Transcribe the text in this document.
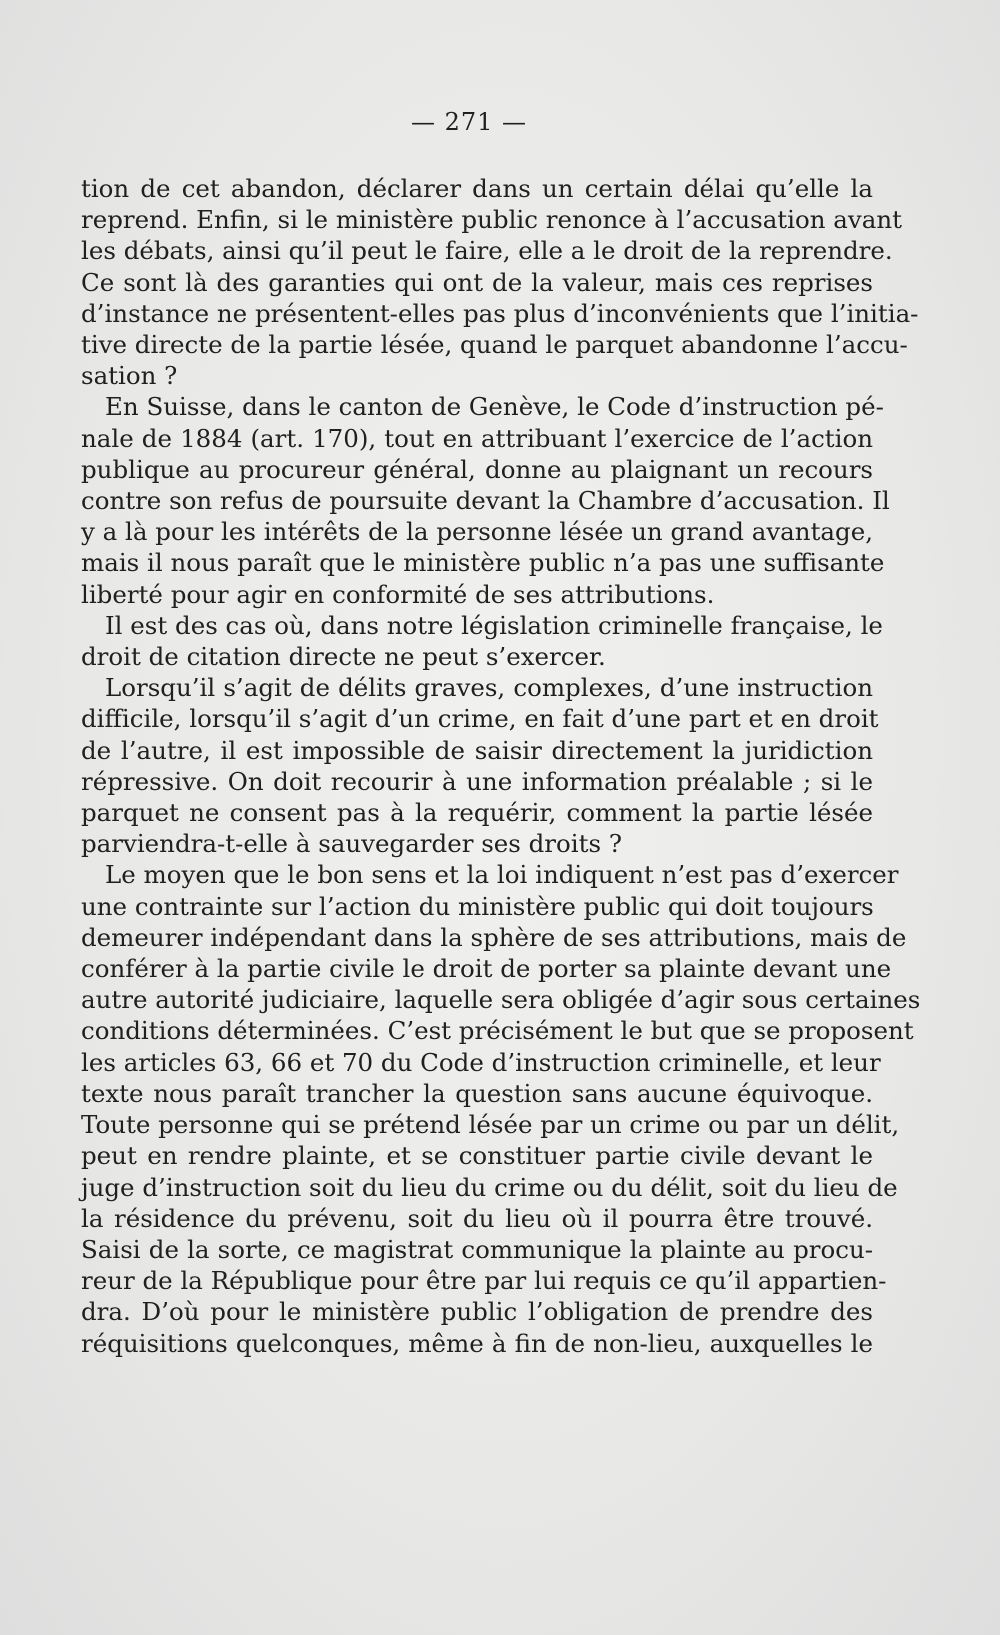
— 271 —
tion de cet abandon, déclarer dans un certain délai qu’elle la
reprend. Enfin, si le ministère public renonce à l’accusation avant
les débats, ainsi qu’il peut le faire, elle a le droit de la reprendre.
Ce sont là des garanties qui ont de la valeur, mais ces reprises
d’instance ne présentent-elles pas plus d’inconvénients que l’initia-
tive directe de la partie lésée, quand le parquet abandonne l’accu-
sation ?
En Suisse, dans le canton de Genève, le Code d’instruction pé-
nale de 1884 (art. 170), tout en attribuant l’exercice de l’action
publique au procureur général, donne au plaignant un recours
contre son refus de poursuite devant la Chambre d’accusation. Il
y a là pour les intérêts de la personne lésée un grand avantage,
mais il nous paraît que le ministère public n’a pas une suffisante
liberté pour agir en conformité de ses attributions.
Il est des cas où, dans notre législation criminelle française, le
droit de citation directe ne peut s’exercer.
Lorsqu’il s’agit de délits graves, complexes, d’une instruction
difficile, lorsqu’il s’agit d’un crime, en fait d’une part et en droit
de l’autre, il est impossible de saisir directement la juridiction
répressive. On doit recourir à une information préalable ; si le
parquet ne consent pas à la requérir, comment la partie lésée
parviendra-t-elle à sauvegarder ses droits ?
Le moyen que le bon sens et la loi indiquent n’est pas d’exercer
une contrainte sur l’action du ministère public qui doit toujours
demeurer indépendant dans la sphère de ses attributions, mais de
conférer à la partie civile le droit de porter sa plainte devant une
autre autorité judiciaire, laquelle sera obligée d’agir sous certaines
conditions déterminées. C’est précisément le but que se proposent
les articles 63, 66 et 70 du Code d’instruction criminelle, et leur
texte nous paraît trancher la question sans aucune équivoque.
Toute personne qui se prétend lésée par un crime ou par un délit,
peut en rendre plainte, et se constituer partie civile devant le
juge d’instruction soit du lieu du crime ou du délit, soit du lieu de
la résidence du prévenu, soit du lieu où il pourra être trouvé.
Saisi de la sorte, ce magistrat communique la plainte au procu-
reur de la République pour être par lui requis ce qu’il appartien-
dra. D’où pour le ministère public l’obligation de prendre des
réquisitions quelconques, même à fin de non-lieu, auxquelles le
